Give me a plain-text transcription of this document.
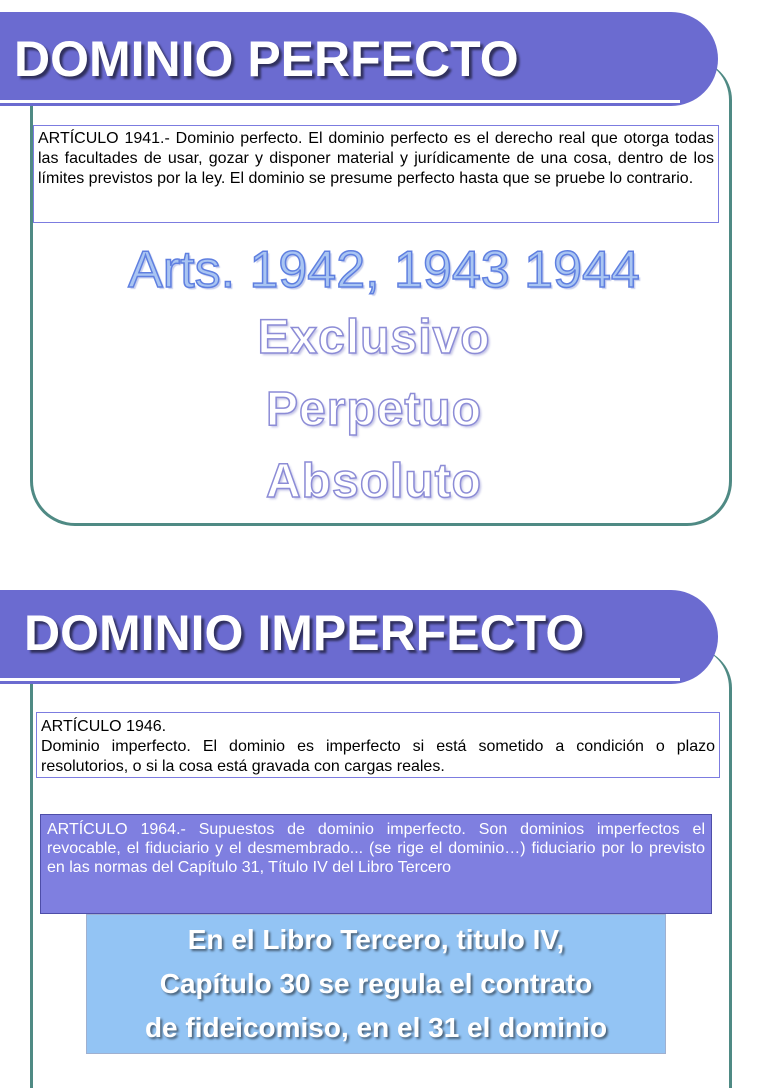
DOMINIO PERFECTO
ARTÍCULO 1941.- Dominio perfecto. El dominio perfecto es el derecho real que otorga todas las facultades de usar, gozar y disponer material y jurídicamente de una cosa, dentro de los límites previstos por la ley. El dominio se presume perfecto hasta que se pruebe lo contrario.
Arts. 1942, 1943 1944
Exclusivo
Perpetuo
Absoluto
DOMINIO IMPERFECTO
ARTÍCULO 1946.
Dominio imperfecto. El dominio es imperfecto si está sometido a condición o plazo resolutorios, o si la cosa está gravada con cargas reales.
ARTÍCULO 1964.- Supuestos de dominio imperfecto. Son dominios imperfectos el revocable, el fiduciario y el desmembrado... (se rige el dominio…) fiduciario por lo previsto en las normas del Capítulo 31, Título IV del Libro Tercero
En el Libro Tercero, titulo IV,
Capítulo 30 se regula el contrato
de fideicomiso, en el 31 el dominio
